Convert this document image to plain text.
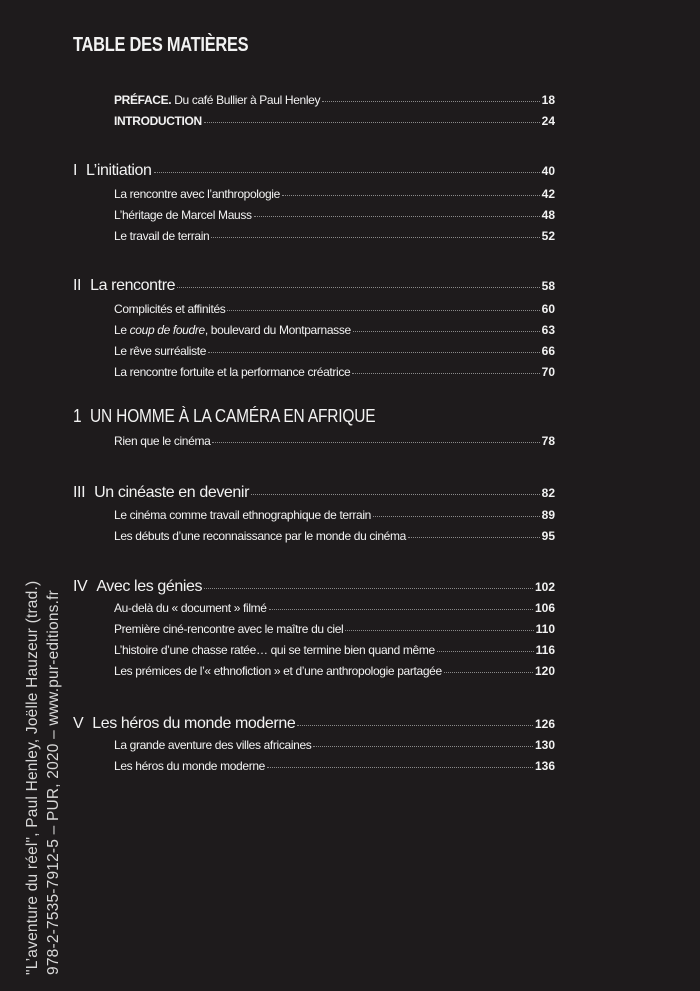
TABLE DES MATIÈRES
PRÉFACE. Du café Bullier à Paul Henley	18
INTRODUCTION	24
I L’initiation	40
La rencontre avec l’anthropologie	42
L’héritage de Marcel Mauss	48
Le travail de terrain	52
II La rencontre	58
Complicités et affinités	60
Le coup de foudre, boulevard du Montparnasse	63
Le rêve surréaliste	66
La rencontre fortuite et la performance créatrice	70
1 UN HOMME À LA CAMÉRA EN AFRIQUE
Rien que le cinéma	78
III Un cinéaste en devenir	82
Le cinéma comme travail ethnographique de terrain	89
Les débuts d’une reconnaissance par le monde du cinéma	95
IV Avec les génies	102
Au-delà du « document » filmé	106
Première ciné-rencontre avec le maître du ciel	110
L’histoire d’une chasse ratée… qui se termine bien quand même	116
Les prémices de l’« ethnofiction » et d’une anthropologie partagée	120
V Les héros du monde moderne	126
La grande aventure des villes africaines	130
Les héros du monde moderne	136
"L’aventure du réel", Paul Henley, Joëlle Hauzeur (trad.) 978-2-7535-7912-5 – PUR, 2020 – www.pur-editions.fr
